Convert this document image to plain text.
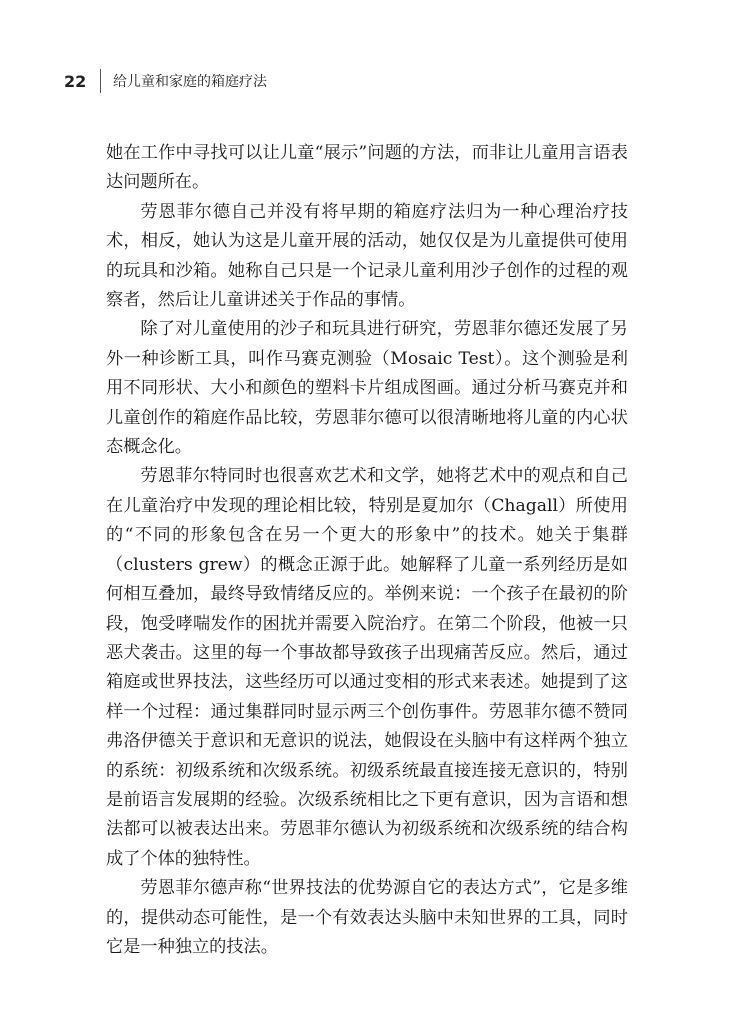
22	给儿童和家庭的箱庭疗法

她在工作中寻找可以让儿童“展示”问题的方法，而非让儿童用言语表达问题所在。

劳恩菲尔德自己并没有将早期的箱庭疗法归为一种心理治疗技术，相反，她认为这是儿童开展的活动，她仅仅是为儿童提供可使用的玩具和沙箱。她称自己只是一个记录儿童利用沙子创作的过程的观察者，然后让儿童讲述关于作品的事情。

除了对儿童使用的沙子和玩具进行研究，劳恩菲尔德还发展了另外一种诊断工具，叫作马赛克测验（Mosaic Test）。这个测验是利用不同形状、大小和颜色的塑料卡片组成图画。通过分析马赛克并和儿童创作的箱庭作品比较，劳恩菲尔德可以很清晰地将儿童的内心状态概念化。

劳恩菲尔特同时也很喜欢艺术和文学，她将艺术中的观点和自己在儿童治疗中发现的理论相比较，特别是夏加尔（Chagall）所使用的“不同的形象包含在另一个更大的形象中”的技术。她关于集群（clusters grew）的概念正源于此。她解释了儿童一系列经历是如何相互叠加，最终导致情绪反应的。举例来说：一个孩子在最初的阶段，饱受哮喘发作的困扰并需要入院治疗。在第二个阶段，他被一只恶犬袭击。这里的每一个事故都导致孩子出现痛苦反应。然后，通过箱庭或世界技法，这些经历可以通过变相的形式来表述。她提到了这样一个过程：通过集群同时显示两三个创伤事件。劳恩菲尔德不赞同弗洛伊德关于意识和无意识的说法，她假设在头脑中有这样两个独立的系统：初级系统和次级系统。初级系统最直接连接无意识的，特别是前语言发展期的经验。次级系统相比之下更有意识，因为言语和想法都可以被表达出来。劳恩菲尔德认为初级系统和次级系统的结合构成了个体的独特性。

劳恩菲尔德声称“世界技法的优势源自它的表达方式”，它是多维的，提供动态可能性，是一个有效表达头脑中未知世界的工具，同时它是一种独立的技法。
